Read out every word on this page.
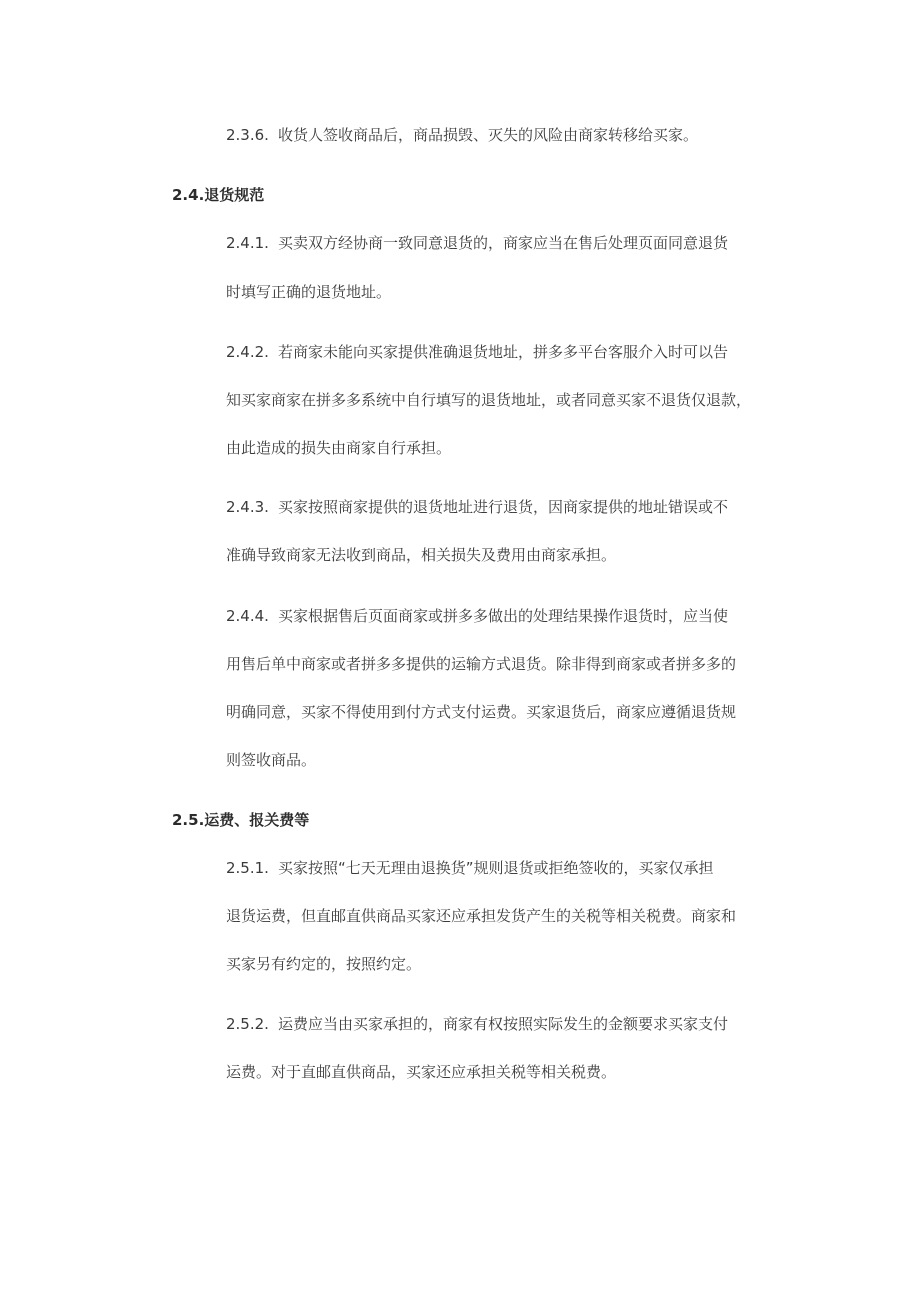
2.3.6. 收货人签收商品后，商品损毁、灭失的风险由商家转移给买家。
2.4.退货规范
2.4.1. 买卖双方经协商一致同意退货的，商家应当在售后处理页面同意退货
时填写正确的退货地址。
2.4.2. 若商家未能向买家提供准确退货地址，拼多多平台客服介入时可以告
知买家商家在拼多多系统中自行填写的退货地址，或者同意买家不退货仅退款，
由此造成的损失由商家自行承担。
2.4.3. 买家按照商家提供的退货地址进行退货，因商家提供的地址错误或不
准确导致商家无法收到商品，相关损失及费用由商家承担。
2.4.4. 买家根据售后页面商家或拼多多做出的处理结果操作退货时，应当使
用售后单中商家或者拼多多提供的运输方式退货。除非得到商家或者拼多多的
明确同意，买家不得使用到付方式支付运费。买家退货后，商家应遵循退货规
则签收商品。
2.5.运费、报关费等
2.5.1. 买家按照“七天无理由退换货”规则退货或拒绝签收的，买家仅承担
退货运费，但直邮直供商品买家还应承担发货产生的关税等相关税费。商家和
买家另有约定的，按照约定。
2.5.2. 运费应当由买家承担的，商家有权按照实际发生的金额要求买家支付
运费。对于直邮直供商品，买家还应承担关税等相关税费。
